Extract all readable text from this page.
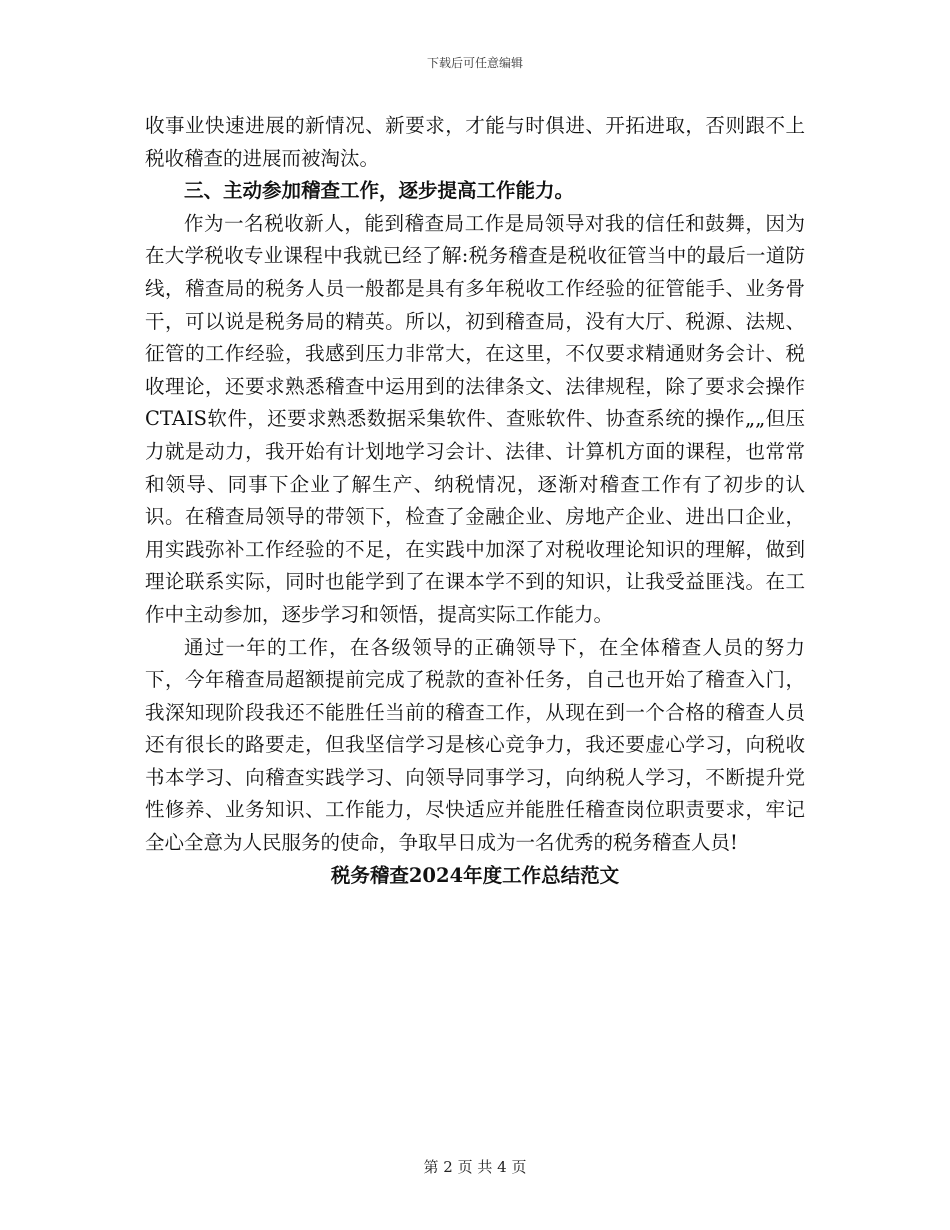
下载后可任意编辑

收事业快速进展的新情况、新要求，才能与时俱进、开拓进取，否则跟不上税收稽查的进展而被淘汰。

三、主动参加稽查工作，逐步提高工作能力。

作为一名税收新人，能到稽查局工作是局领导对我的信任和鼓舞，因为在大学税收专业课程中我就已经了解:税务稽查是税收征管当中的最后一道防线，稽查局的税务人员一般都是具有多年税收工作经验的征管能手、业务骨干，可以说是税务局的精英。所以，初到稽查局，没有大厅、税源、法规、征管的工作经验，我感到压力非常大，在这里，不仅要求精通财务会计、税收理论，还要求熟悉稽查中运用到的法律条文、法律规程，除了要求会操作CTAIS软件，还要求熟悉数据采集软件、查账软件、协查系统的操作„„但压力就是动力，我开始有计划地学习会计、法律、计算机方面的课程，也常常和领导、同事下企业了解生产、纳税情况，逐渐对稽查工作有了初步的认识。在稽查局领导的带领下，检查了金融企业、房地产企业、进出口企业，用实践弥补工作经验的不足，在实践中加深了对税收理论知识的理解，做到理论联系实际，同时也能学到了在课本学不到的知识，让我受益匪浅。在工作中主动参加，逐步学习和领悟，提高实际工作能力。

通过一年的工作，在各级领导的正确领导下，在全体稽查人员的努力下，今年稽查局超额提前完成了税款的查补任务，自己也开始了稽查入门，我深知现阶段我还不能胜任当前的稽查工作，从现在到一个合格的稽查人员还有很长的路要走，但我坚信学习是核心竞争力，我还要虚心学习，向税收书本学习、向稽查实践学习、向领导同事学习，向纳税人学习，不断提升党性修养、业务知识、工作能力，尽快适应并能胜任稽查岗位职责要求，牢记全心全意为人民服务的使命，争取早日成为一名优秀的税务稽查人员!

税务稽查2024年度工作总结范文

第 2 页 共 4 页
